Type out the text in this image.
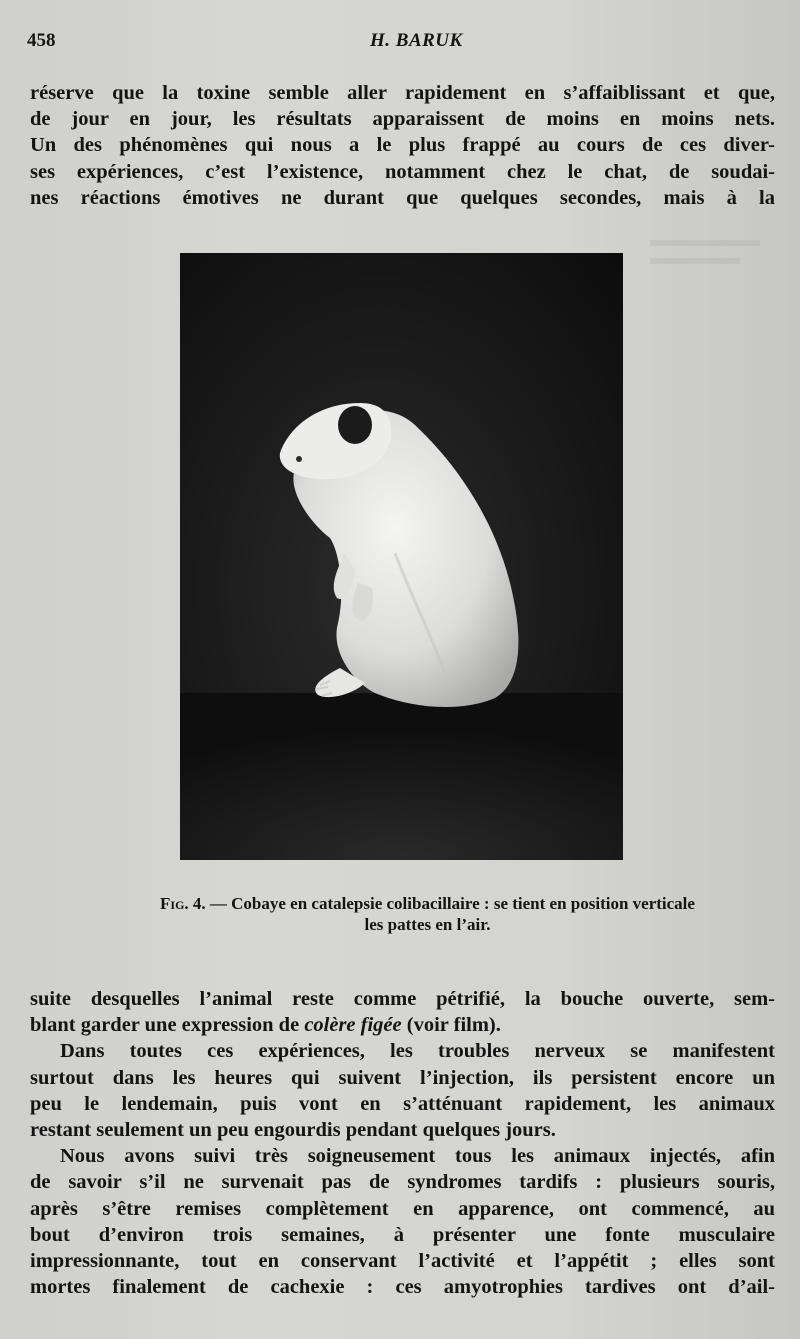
458	H. BARUK

réserve que la toxine semble aller rapidement en s’affaiblissant et que,

de jour en jour, les résultats apparaissent de moins en moins nets.

Un des phénomènes qui nous a le plus frappé au cours de ces diver-

ses expériences, c’est l’existence, notamment chez le chat, de soudai-

nes réactions émotives ne durant que quelques secondes, mais à la

Fig. 4. — Cobaye en catalepsie colibacillaire : se tient en position verticale
les pattes en l’air.

suite desquelles l’animal reste comme pétrifié, la bouche ouverte, sem-

blant garder une expression de colère figée (voir film).

Dans toutes ces expériences, les troubles nerveux se manifestent

surtout dans les heures qui suivent l’injection, ils persistent encore un

peu le lendemain, puis vont en s’atténuant rapidement, les animaux

restant seulement un peu engourdis pendant quelques jours.

Nous avons suivi très soigneusement tous les animaux injectés, afin

de savoir s’il ne survenait pas de syndromes tardifs : plusieurs souris,

après s’être remises complètement en apparence, ont commencé, au

bout d’environ trois semaines, à présenter une fonte musculaire

impressionnante, tout en conservant l’activité et l’appétit ; elles sont

mortes finalement de cachexie : ces amyotrophies tardives ont d’ail-
